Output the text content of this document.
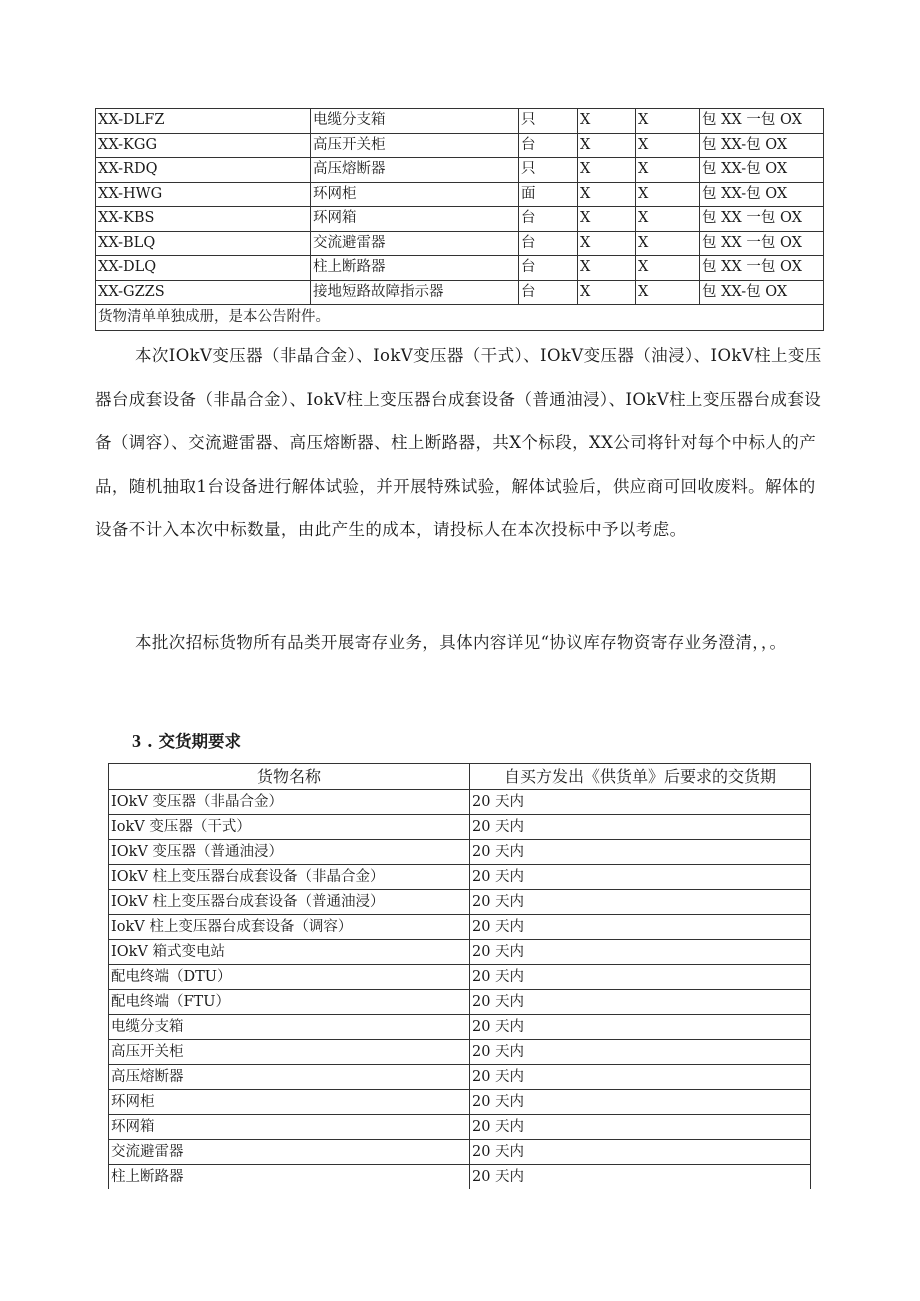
XX-DLFZ	电缆分支箱	只	X	X	包 XX 一包 OX
XX-KGG	高压开关柜	台	X	X	包 XX-包 OX
XX-RDQ	高压熔断器	只	X	X	包 XX-包 OX
XX-HWG	环网柜	面	X	X	包 XX-包 OX
XX-KBS	环网箱	台	X	X	包 XX 一包 OX
XX-BLQ	交流避雷器	台	X	X	包 XX 一包 OX
XX-DLQ	柱上断路器	台	X	X	包 XX 一包 OX
XX-GZZS	接地短路故障指示器	台	X	X	包 XX-包 OX
货物清单单独成册，是本公告附件。					

本次IOkV变压器（非晶合金）、IokV变压器（干式）、IOkV变压器（油浸）、IOkV柱上变压器台成套设备（非晶合金）、IokV柱上变压器台成套设备（普通油浸）、IOkV柱上变压器台成套设备（调容）、交流避雷器、高压熔断器、柱上断路器，共X个标段，XX公司将针对每个中标人的产品，随机抽取1台设备进行解体试验，并开展特殊试验，解体试验后，供应商可回收废料。解体的设备不计入本次中标数量，由此产生的成本，请投标人在本次投标中予以考虑。

本批次招标货物所有品类开展寄存业务，具体内容详见“协议库存物资寄存业务澄清，，。

3 . 交货期要求
货物名称	自买方发出《供货单》后要求的交货期
IOkV 变压器（非晶合金）	20 天内
IokV 变压器（干式）	20 天内
IOkV 变压器（普通油浸）	20 天内
IOkV 柱上变压器台成套设备（非晶合金）	20 天内
IOkV 柱上变压器台成套设备（普通油浸）	20 天内
IokV 柱上变压器台成套设备（调容）	20 天内
IOkV 箱式变电站	20 天内
配电终端（DTU）	20 天内
配电终端（FTU）	20 天内
电缆分支箱	20 天内
高压开关柜	20 天内
高压熔断器	20 天内
环网柜	20 天内
环网箱	20 天内
交流避雷器	20 天内
柱上断路器	20 天内
